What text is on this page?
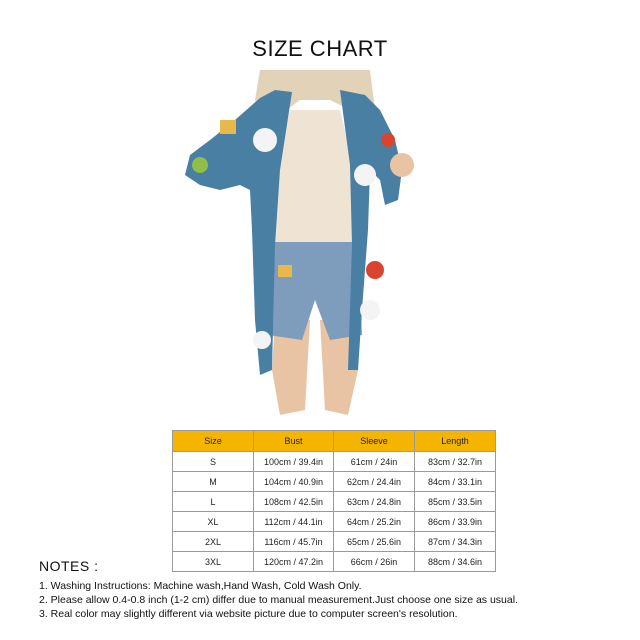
SIZE CHART
Size	Bust	Sleeve	Length
S	100cm / 39.4in	61cm / 24in	83cm / 32.7in
M	104cm / 40.9in	62cm / 24.4in	84cm / 33.1in
L	108cm / 42.5in	63cm / 24.8in	85cm / 33.5in
XL	112cm / 44.1in	64cm / 25.2in	86cm / 33.9in
2XL	116cm / 45.7in	65cm / 25.6in	87cm / 34.3in
3XL	120cm / 47.2in	66cm / 26in	88cm / 34.6in
NOTES :
1. Washing Instructions: Machine wash,Hand Wash, Cold Wash Only.
2. Please allow 0.4-0.8 inch (1-2 cm) differ due to manual measurement.Just choose one size as usual.
3. Real color may slightly different via website picture due to computer screen's resolution.
